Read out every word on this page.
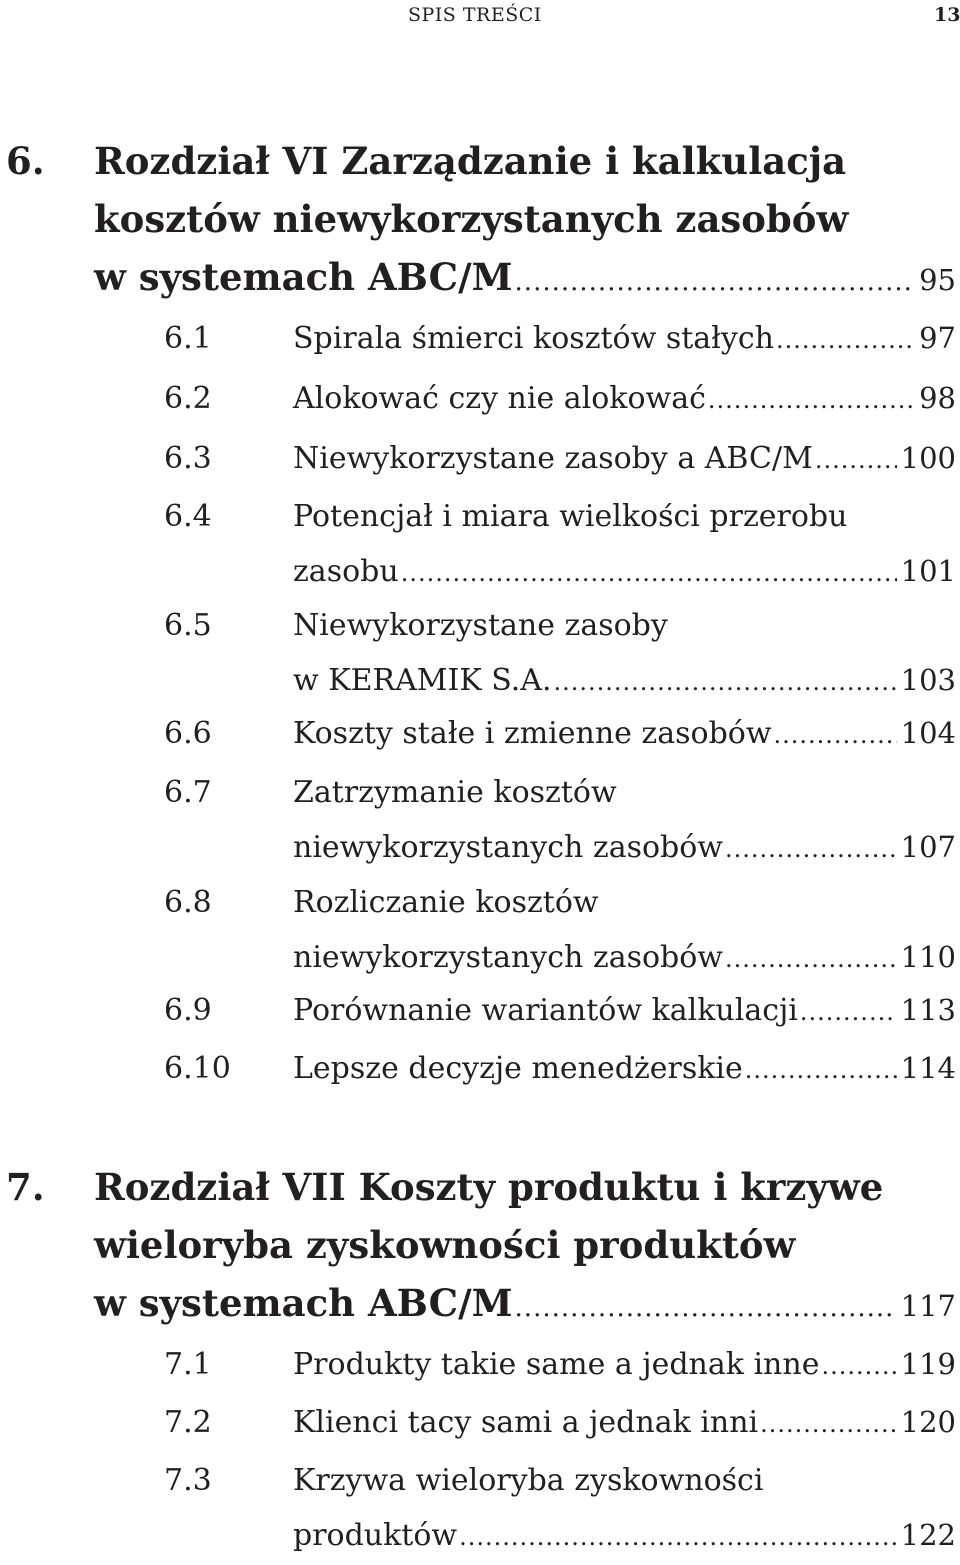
SPIS TREŚCI	13
6. Rozdział VI Zarządzanie i kalkulacja
kosztów niewykorzystanych zasobów
w systemach ABC/M .....	95
6.1	Spirala śmierci kosztów stałych .....	97
6.2	Alokować czy nie alokować .....	98
6.3	Niewykorzystane zasoby a ABC/M .....	100
6.4	Potencjał i miara wielkości przerobu
zasobu .....	101
6.5	Niewykorzystane zasoby
w KERAMIK S.A. .....	103
6.6	Koszty stałe i zmienne zasobów .....	104
6.7	Zatrzymanie kosztów
niewykorzystanych zasobów .....	107
6.8	Rozliczanie kosztów
niewykorzystanych zasobów .....	110
6.9	Porównanie wariantów kalkulacji .....	113
6.10 Lepsze decyzje menedżerskie .....	114
7. Rozdział VII Koszty produktu i krzywe
wieloryba zyskowności produktów
w systemach ABC/M .....	117
7.1	Produkty takie same a jednak inne .....	119
7.2	Klienci tacy sami a jednak inni .....	120
7.3	Krzywa wieloryba zyskowności
produktów .....	122
